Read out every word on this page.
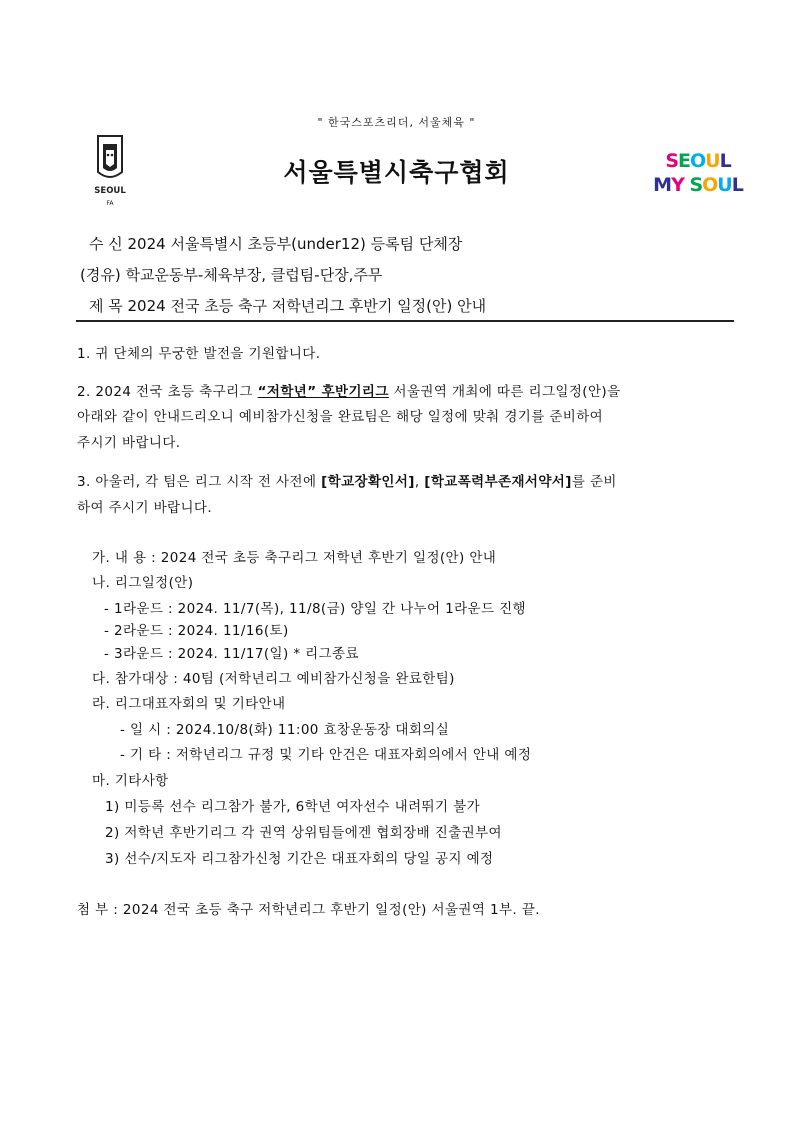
" 한국스포츠리더, 서울체육 "
SEOUL
FA
서울특별시축구협회	SEOUL
MY SOUL
수 신 2024 서울특별시 초등부(under12) 등록팀 단체장
(경유) 학교운동부-체육부장, 클럽팀-단장,주무
제 목 2024 전국 초등 축구 저학년리그 후반기 일정(안) 안내
1. 귀 단체의 무궁한 발전을 기원합니다.
2. 2024 전국 초등 축구리그 “저학년” 후반기리그 서울권역 개최에 따른 리그일정(안)을
아래와 같이 안내드리오니 예비참가신청을 완료팀은 해당 일정에 맞춰 경기를 준비하여
주시기 바랍니다.
3. 아울러, 각 팀은 리그 시작 전 사전에 [학교장확인서], [학교폭력부존재서약서]를 준비
하여 주시기 바랍니다.
가. 내 용 : 2024 전국 초등 축구리그 저학년 후반기 일정(안) 안내
나. 리그일정(안)
- 1라운드 : 2024. 11/7(목), 11/8(금) 양일 간 나누어 1라운드 진행
- 2라운드 : 2024. 11/16(토)
- 3라운드 : 2024. 11/17(일) * 리그종료
다. 참가대상 : 40팀 (저학년리그 예비참가신청을 완료한팀)
라. 리그대표자회의 및 기타안내
- 일 시 : 2024.10/8(화) 11:00 효창운동장 대회의실
- 기 타 : 저학년리그 규정 및 기타 안건은 대표자회의에서 안내 예정
마. 기타사항
1) 미등록 선수 리그참가 불가, 6학년 여자선수 내려뛰기 불가
2) 저학년 후반기리그 각 권역 상위팀들에겐 협회장배 진출권부여
3) 선수/지도자 리그참가신청 기간은 대표자회의 당일 공지 예정
첨 부 : 2024 전국 초등 축구 저학년리그 후반기 일정(안) 서울권역 1부. 끝.
